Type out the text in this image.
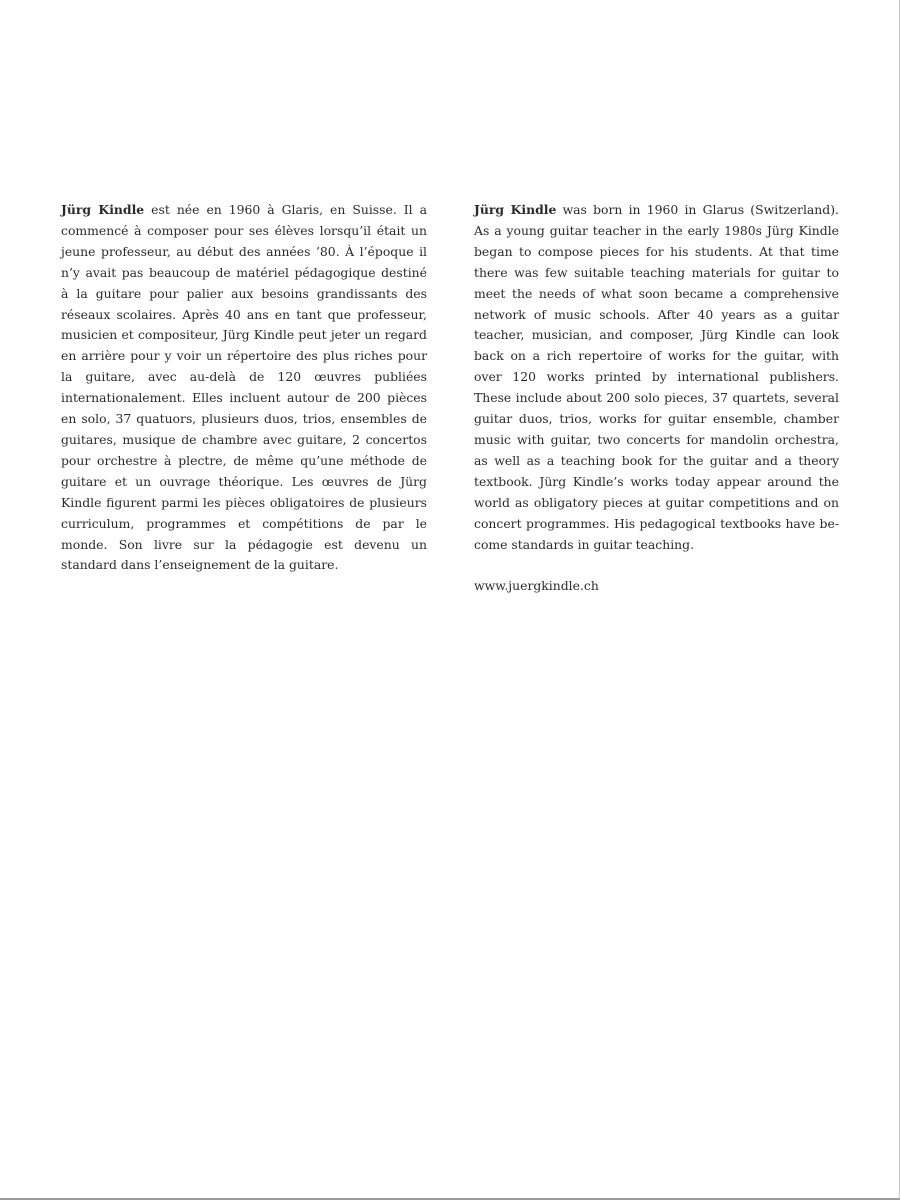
Jürg Kindle est née en 1960 à Glaris, en Suisse. Il a commencé à composer pour ses élèves lorsqu’il était un jeune professeur, au début des années ’80. À l’époque il n’y avait pas beaucoup de matériel pédagogique destiné à la guitare pour palier aux besoins grandissants des réseaux scolaires. Après 40 ans en tant que professeur, musicien et compositeur, Jürg Kindle peut jeter un regard en arrière pour y voir un répertoire des plus riches pour la guitare, avec au-delà de 120 œuvres publiées internationalement. Elles incluent autour de 200 pièces en solo, 37 quatuors, plusieurs duos, trios, ensembles de guitares, musique de chambre avec guitare, 2 concertos pour orchestre à plectre, de même qu’une méthode de guitare et un ouvrage théorique. Les œuvres de Jürg Kindle figurent parmi les pièces obligatoires de plusieurs curriculum, programmes et compétitions de par le monde. Son livre sur la pédagogie est devenu un standard dans l’enseignement de la guitare.

Jürg Kindle was born in 1960 in Glarus (Switzerland). As a young guitar teacher in the early 1980s Jürg Kindle began to compose pieces for his students. At that time there was few suitable teaching materials for guitar to meet the needs of what soon became a comprehensive network of music schools. After 40 years as a guitar teacher, musician, and composer, Jürg Kindle can look back on a rich repertoire of works for the guitar, with over 120 works printed by international publishers. These include about 200 solo pieces, 37 quartets, several guitar duos, trios, works for guitar ensemble, chamber music with guitar, two concerts for mandolin orchestra, as well as a teaching book for the guitar and a theory textbook. Jürg Kindle’s works today appear around the world as obligatory pieces at guitar competitions and on concert programmes. His pedagogical textbooks have become standards in guitar teaching.

www.juergkindle.ch
